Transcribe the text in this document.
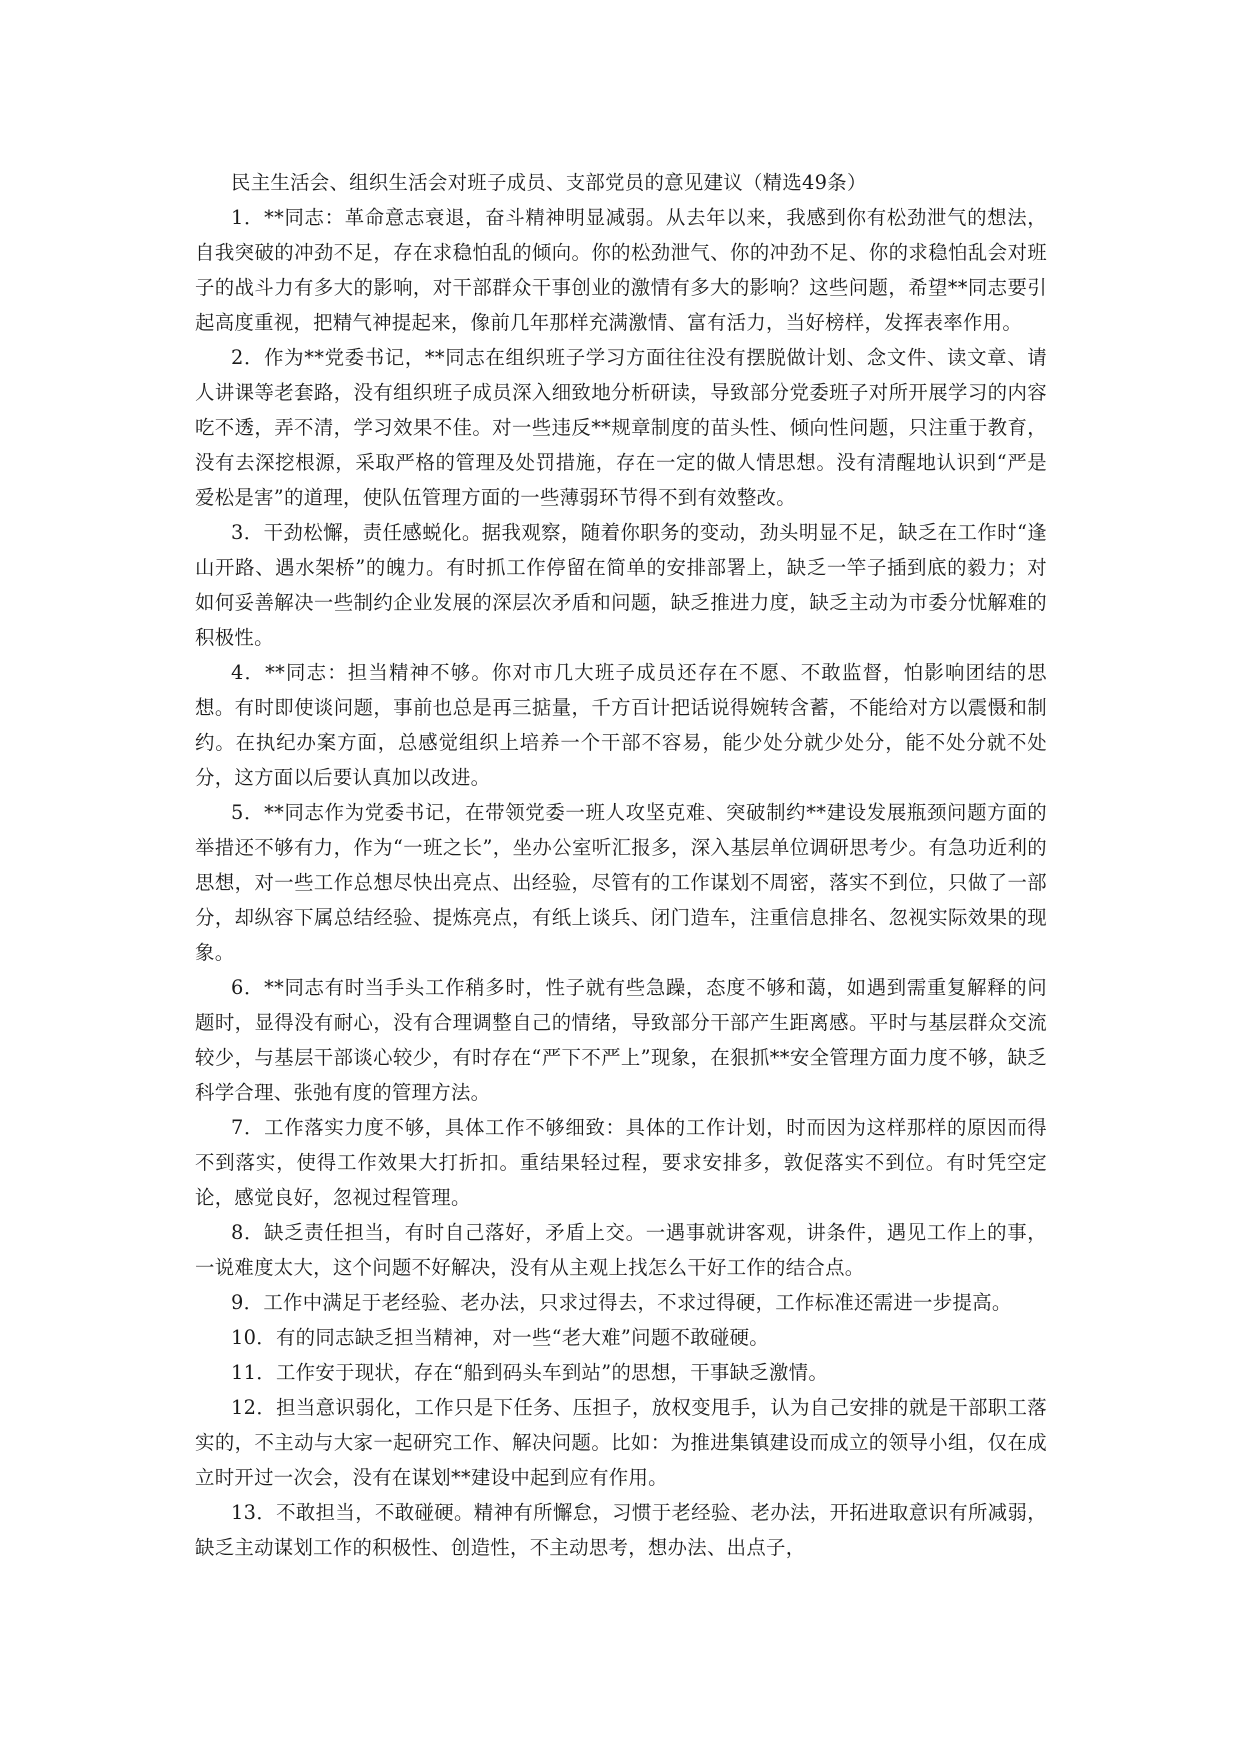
民主生活会、组织生活会对班子成员、支部党员的意见建议（精选49条）

1．**同志：革命意志衰退，奋斗精神明显减弱。从去年以来，我感到你有松劲泄气的想法，自我突破的冲劲不足，存在求稳怕乱的倾向。你的松劲泄气、你的冲劲不足、你的求稳怕乱会对班子的战斗力有多大的影响，对干部群众干事创业的激情有多大的影响？这些问题，希望**同志要引起高度重视，把精气神提起来，像前几年那样充满激情、富有活力，当好榜样，发挥表率作用。

2．作为**党委书记，**同志在组织班子学习方面往往没有摆脱做计划、念文件、读文章、请人讲课等老套路，没有组织班子成员深入细致地分析研读，导致部分党委班子对所开展学习的内容吃不透，弄不清，学习效果不佳。对一些违反**规章制度的苗头性、倾向性问题，只注重于教育，没有去深挖根源，采取严格的管理及处罚措施，存在一定的做人情思想。没有清醒地认识到“严是爱松是害”的道理，使队伍管理方面的一些薄弱环节得不到有效整改。

3．干劲松懈，责任感蜕化。据我观察，随着你职务的变动，劲头明显不足，缺乏在工作时“逢山开路、遇水架桥”的魄力。有时抓工作停留在简单的安排部署上，缺乏一竿子插到底的毅力；对如何妥善解决一些制约企业发展的深层次矛盾和问题，缺乏推进力度，缺乏主动为市委分忧解难的积极性。

4．**同志：担当精神不够。你对市几大班子成员还存在不愿、不敢监督，怕影响团结的思想。有时即使谈问题，事前也总是再三掂量，千方百计把话说得婉转含蓄，不能给对方以震慑和制约。在执纪办案方面，总感觉组织上培养一个干部不容易，能少处分就少处分，能不处分就不处分，这方面以后要认真加以改进。

5．**同志作为党委书记，在带领党委一班人攻坚克难、突破制约**建设发展瓶颈问题方面的举措还不够有力，作为“一班之长”，坐办公室听汇报多，深入基层单位调研思考少。有急功近利的思想，对一些工作总想尽快出亮点、出经验，尽管有的工作谋划不周密，落实不到位，只做了一部分，却纵容下属总结经验、提炼亮点，有纸上谈兵、闭门造车，注重信息排名、忽视实际效果的现象。

6．**同志有时当手头工作稍多时，性子就有些急躁，态度不够和蔼，如遇到需重复解释的问题时，显得没有耐心，没有合理调整自己的情绪，导致部分干部产生距离感。平时与基层群众交流较少，与基层干部谈心较少，有时存在“严下不严上”现象，在狠抓**安全管理方面力度不够，缺乏科学合理、张弛有度的管理方法。

7．工作落实力度不够，具体工作不够细致：具体的工作计划，时而因为这样那样的原因而得不到落实，使得工作效果大打折扣。重结果轻过程，要求安排多，敦促落实不到位。有时凭空定论，感觉良好，忽视过程管理。

8．缺乏责任担当，有时自己落好，矛盾上交。一遇事就讲客观，讲条件，遇见工作上的事，一说难度太大，这个问题不好解决，没有从主观上找怎么干好工作的结合点。

9．工作中满足于老经验、老办法，只求过得去，不求过得硬，工作标准还需进一步提高。

10．有的同志缺乏担当精神，对一些“老大难”问题不敢碰硬。

11．工作安于现状，存在“船到码头车到站”的思想，干事缺乏激情。

12．担当意识弱化，工作只是下任务、压担子，放权变甩手，认为自己安排的就是干部职工落实的，不主动与大家一起研究工作、解决问题。比如：为推进集镇建设而成立的领导小组，仅在成立时开过一次会，没有在谋划**建设中起到应有作用。

13．不敢担当，不敢碰硬。精神有所懈怠，习惯于老经验、老办法，开拓进取意识有所减弱，缺乏主动谋划工作的积极性、创造性，不主动思考，想办法、出点子，
